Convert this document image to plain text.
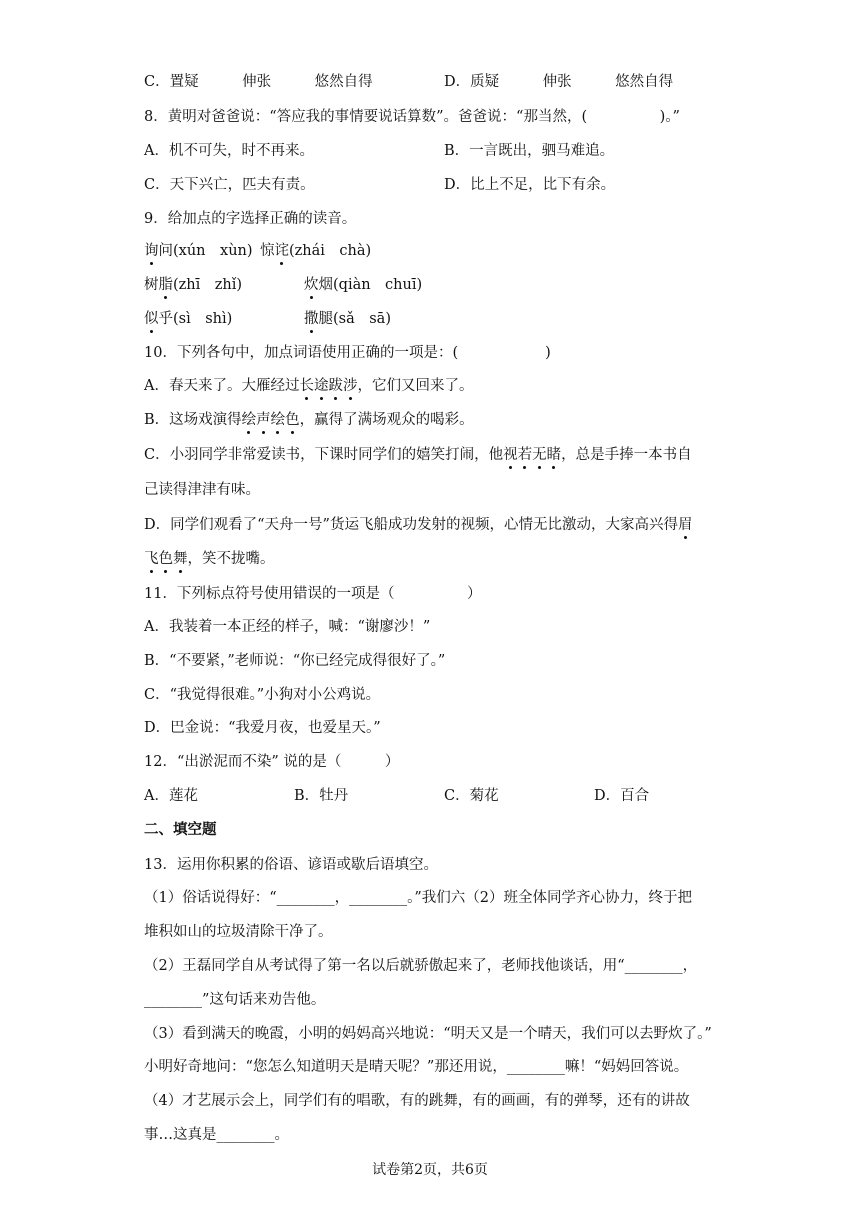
C．置疑　　　伸张　　　悠然自得	D．质疑　　　伸张　　　悠然自得
8．黄明对爸爸说：“答应我的事情要说话算数”。爸爸说：“那当然，(　　　　　)。”
A．机不可失，时不再来。	B．一言既出，驷马难追。
C．天下兴亡，匹夫有责。	D．比上不足，比下有余。
9．给加点的字选择正确的读音。
询问(xún　xùn) 惊诧(zhái　chà)
树脂(zhī　zhǐ)	炊烟(qiàn　chuī)
似乎(sì　shì)	撒腿(sǎ　sā)
10．下列各句中，加点词语使用正确的一项是：(　　　　　　)
A．春天来了。大雁经过长途跋涉，它们又回来了。
B．这场戏演得绘声绘色，赢得了满场观众的喝彩。
C．小羽同学非常爱读书，下课时同学们的嬉笑打闹，他视若无睹，总是手捧一本书自
己读得津津有味。
D．同学们观看了“天舟一号”货运飞船成功发射的视频，心情无比激动，大家高兴得眉
飞色舞，笑不拢嘴。
11．下列标点符号使用错误的一项是（　　　　　）
A．我装着一本正经的样子，喊：“谢廖沙！”
B．“不要紧，”老师说：“你已经完成得很好了。”
C．“我觉得很难。”小狗对小公鸡说。
D．巴金说：“我爱月夜，也爱星天。”
12．“出淤泥而不染” 说的是（　　　）
A．莲花	B．牡丹	C．菊花	D．百合
二、填空题
13．运用你积累的俗语、谚语或歇后语填空。
（1）俗话说得好：“________，________。”我们六（2）班全体同学齐心协力，终于把
堆积如山的垃圾清除干净了。
（2）王磊同学自从考试得了第一名以后就骄傲起来了，老师找他谈话，用“________，
________”这句话来劝告他。
（3）看到满天的晚霞，小明的妈妈高兴地说：“明天又是一个晴天，我们可以去野炊了。”
小明好奇地问：“您怎么知道明天是晴天呢？”那还用说，________嘛！“妈妈回答说。
（4）才艺展示会上，同学们有的唱歌，有的跳舞，有的画画，有的弹琴，还有的讲故
事…这真是________。
试卷第2页，共6页
